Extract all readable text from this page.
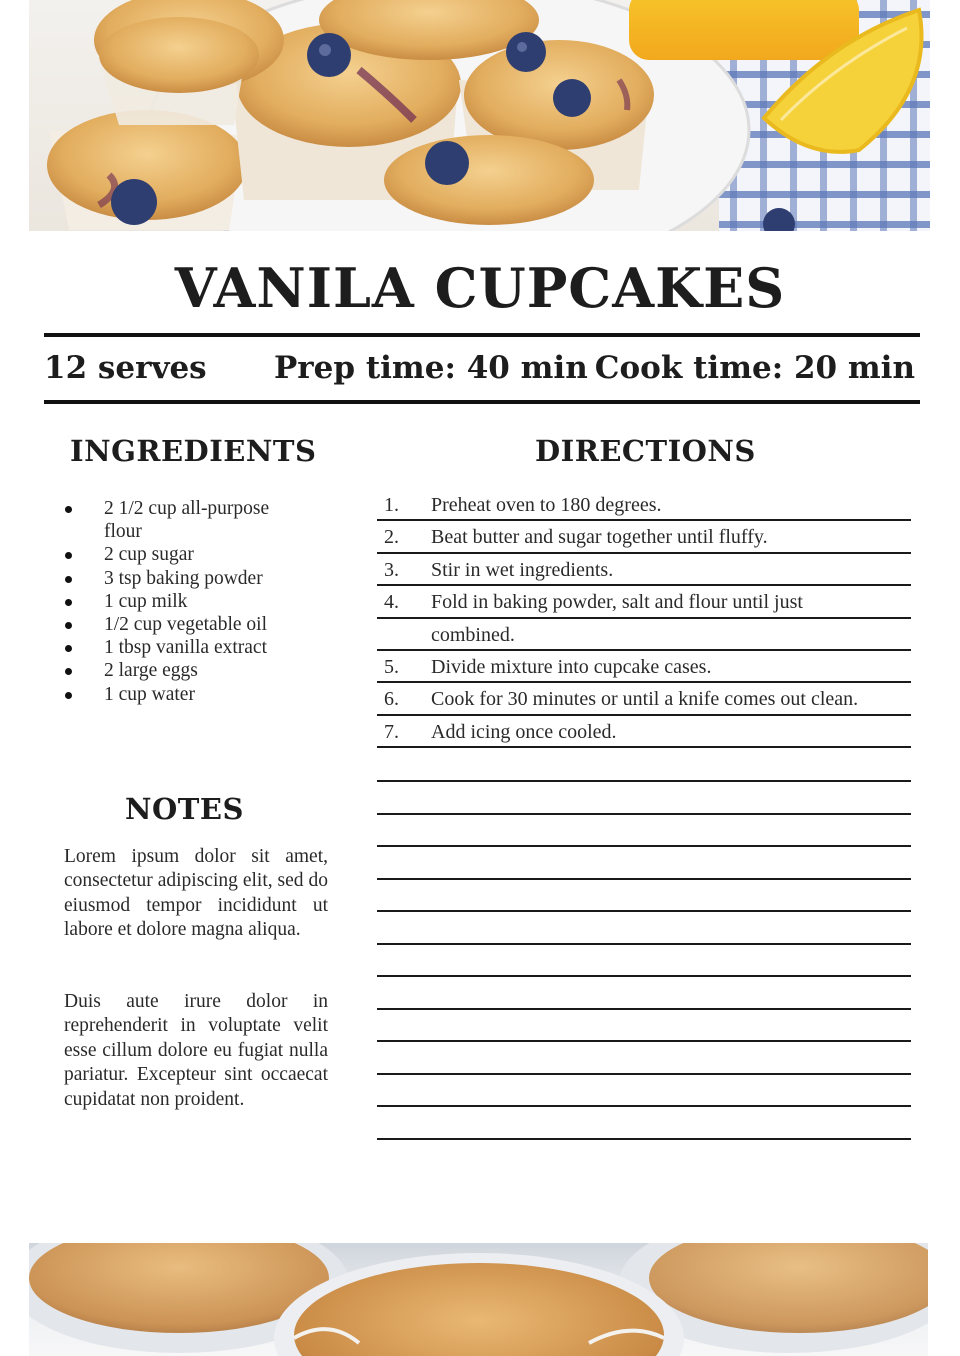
VANILA CUPCAKES
12 serves Prep time: 40 min Cook time: 20 min
INGREDIENTS
2 1/2 cup all-purpose flour
2 cup sugar
3 tsp baking powder
1 cup milk
1/2 cup vegetable oil
1 tbsp vanilla extract
2 large eggs
1 cup water
DIRECTIONS
1. Preheat oven to 180 degrees.
2. Beat butter and sugar together until fluffy.
3. Stir in wet ingredients.
4. Fold in baking powder, salt and flour until just
combined.
5. Divide mixture into cupcake cases.
6. Cook for 30 minutes or until a knife comes out clean.
7. Add icing once cooled.
NOTES

Lorem ipsum dolor sit amet, consectetur adipiscing elit, sed do eiusmod tempor incididunt ut labore et dolore magna aliqua.

Duis aute irure dolor in reprehenderit in voluptate velit esse cillum dolore eu fugiat nulla pariatur. Excepteur sint occaecat cupidatat non proident.
